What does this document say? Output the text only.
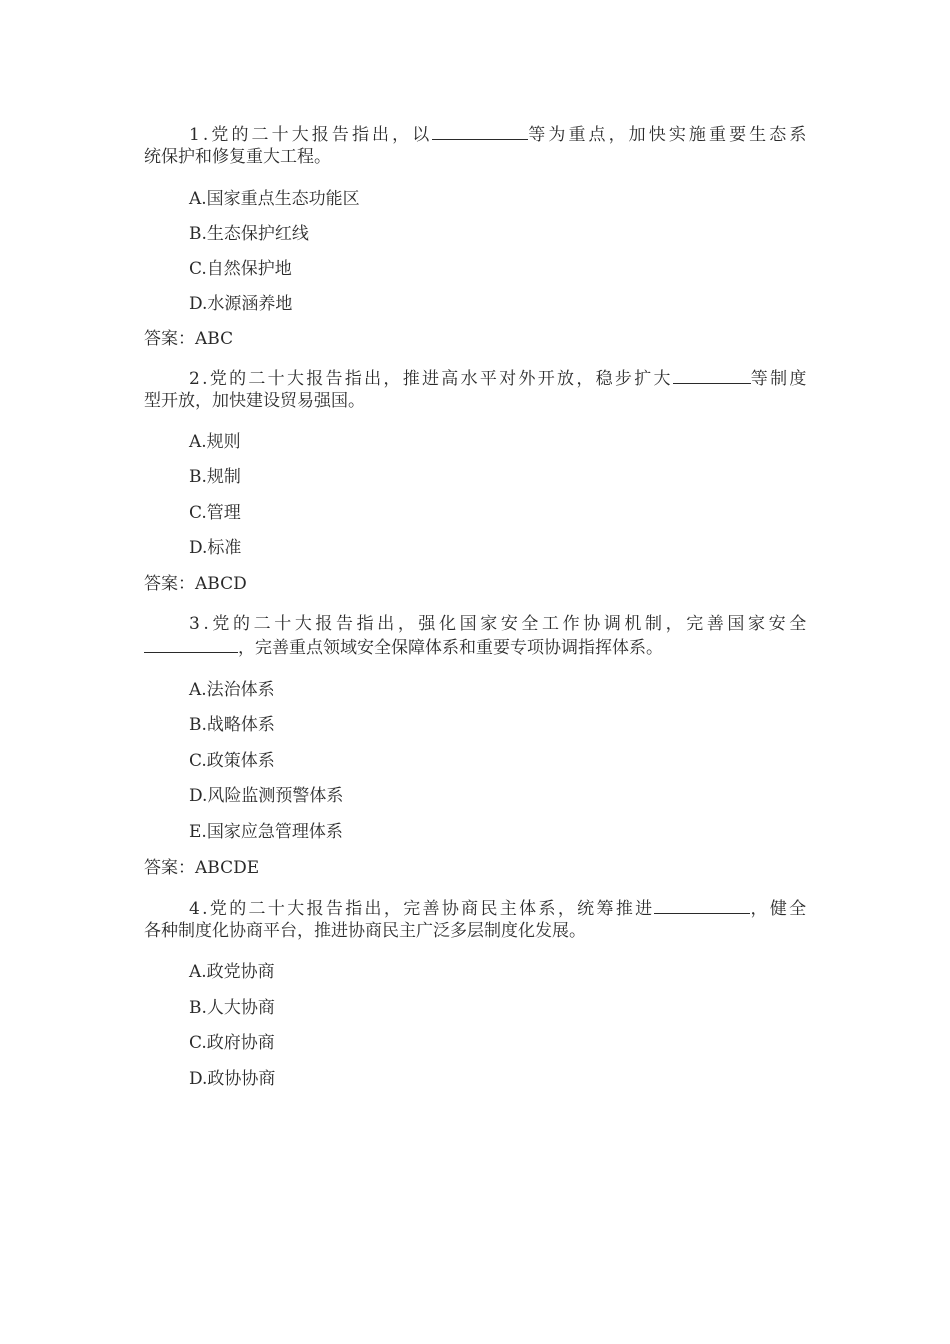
1.党的二十大报告指出，以	等为重点，加快实施重要生态系
统保护和修复重大工程。
A.国家重点生态功能区
B.生态保护红线
C.自然保护地
D.水源涵养地
答案：ABC
2.党的二十大报告指出，推进高水平对外开放，稳步扩大	等制度
型开放，加快建设贸易强国。
A.规则
B.规制
C.管理
D.标准
答案：ABCD
3.党的二十大报告指出，强化国家安全工作协调机制，完善国家安全
，完善重点领域安全保障体系和重要专项协调指挥体系。
A.法治体系
B.战略体系
C.政策体系
D.风险监测预警体系
E.国家应急管理体系
答案：ABCDE
4.党的二十大报告指出，完善协商民主体系，统筹推进	，健全
各种制度化协商平台，推进协商民主广泛多层制度化发展。
A.政党协商
B.人大协商
C.政府协商
D.政协协商
